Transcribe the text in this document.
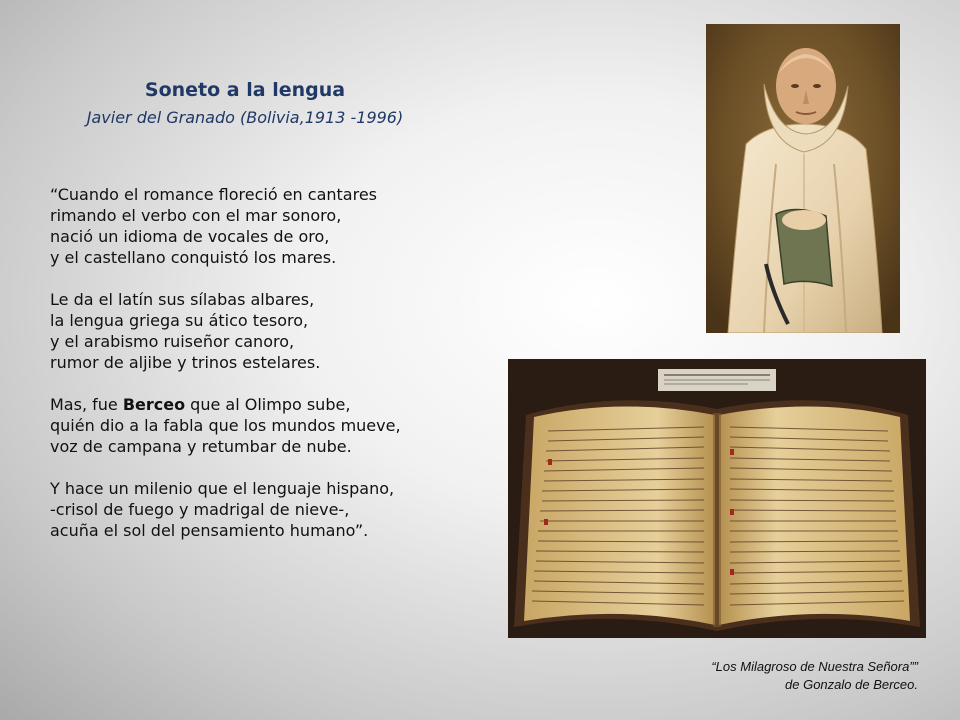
Soneto a la lengua
Javier del Granado (Bolivia,1913 -1996)
“Cuando el romance floreció en cantares
rimando el verbo con el mar sonoro,
nació un idioma de vocales de oro,
y el castellano conquistó los mares.
Le da el latín sus sílabas albares,
la lengua griega su ático tesoro,
y el arabismo ruiseñor canoro,
rumor de aljibe y trinos estelares.
Mas, fue Berceo que al Olimpo sube,
quién dio a la fabla que los mundos mueve,
voz de campana y retumbar de nube.
Y hace un milenio que el lenguaje hispano,
-crisol de fuego y madrigal de nieve-,
acuña el sol del pensamiento humano”.
“Los Milagroso de Nuestra Señora””
de Gonzalo de Berceo.
